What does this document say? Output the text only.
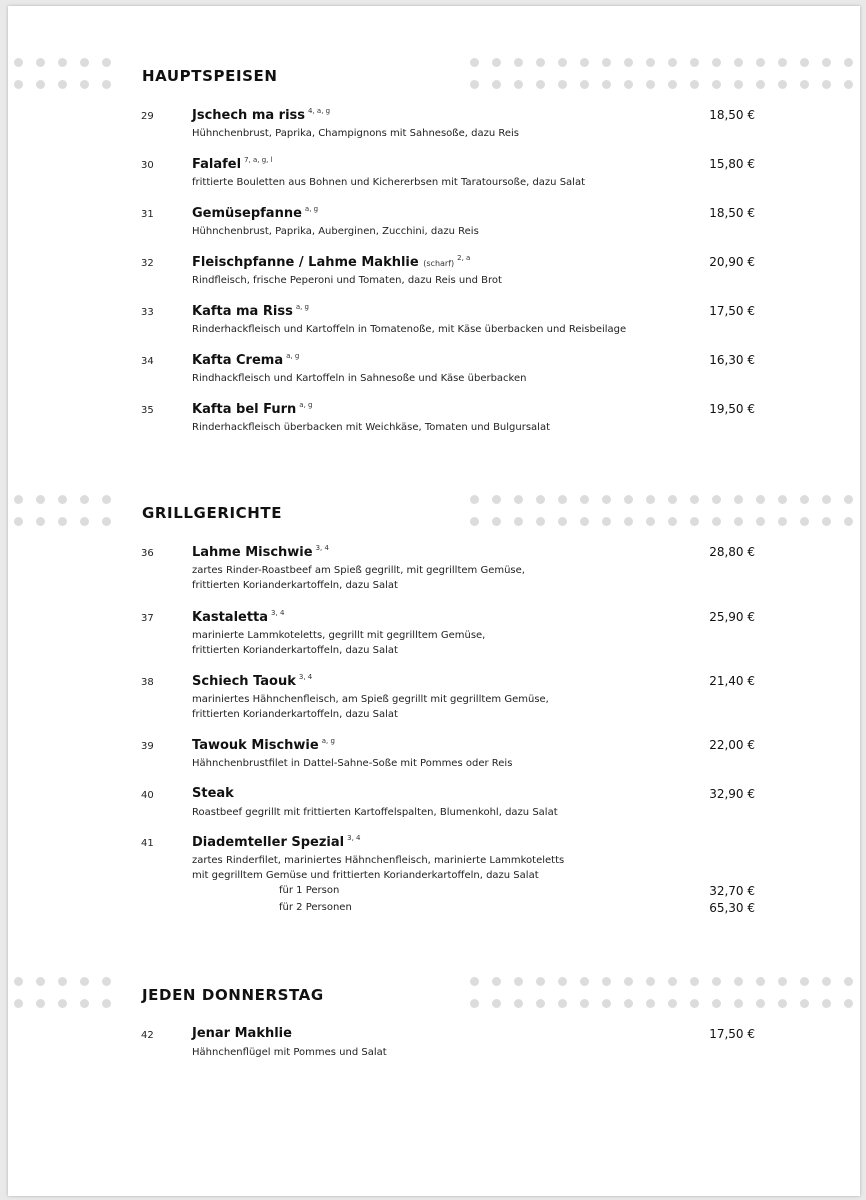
HAUPTSPEISEN
29	Jschech ma riss $^{4, a, g}$
Hühnchenbrust, Paprika, Champignons mit Sahnesoße, dazu Reis
18,50 €
30	Falafel $^{7, a, g, l}$
frittierte Bouletten aus Bohnen und Kichererbsen mit Taratoursoße, dazu Salat
15,80 €
31	Gemüsepfanne $^{a, g}$
Hühnchenbrust, Paprika, Auberginen, Zucchini, dazu Reis
18,50 €
32	Fleischpfanne / Lahme Makhlie (scharf)$^{2, a}$
Rindfleisch, frische Peperoni und Tomaten, dazu Reis und Brot
20,90 €
33	Kafta ma Riss $^{a, g}$
Rinderhackfleisch und Kartoffeln in Tomatenoße, mit Käse überbacken und Reisbeilage
17,50 €
34	Kafta Crema $^{a, g}$
Rindhackfleisch und Kartoffeln in Sahnesoße und Käse überbacken
16,30 €
35	Kafta bel Furn $^{a, g}$
Rinderhackfleisch überbacken mit Weichkäse, Tomaten und Bulgursalat
19,50 €
GRILLGERICHTE
36	Lahme Mischwie $^{3, 4}$
zartes Rinder-Roastbeef am Spieß gegrillt, mit gegrilltem Gemüse,
frittierten Korianderkartoffeln, dazu Salat
28,80 €
37	Kastaletta $^{3, 4}$
marinierte Lammkoteletts, gegrillt mit gegrilltem Gemüse,
frittierten Korianderkartoffeln, dazu Salat
25,90 €
38	Schiech Taouk $^{3, 4}$
mariniertes Hähnchenfleisch, am Spieß gegrillt mit gegrilltem Gemüse,
frittierten Korianderkartoffeln, dazu Salat
21,40 €
39	Tawouk Mischwie $^{a, g}$
Hähnchenbrustfilet in Dattel-Sahne-Soße mit Pommes oder Reis
22,00 €
40	Steak
Roastbeef gegrillt mit frittierten Kartoffelspalten, Blumenkohl, dazu Salat
32,90 €
41	Diademteller Spezial $^{3, 4}$
zartes Rinderfilet, mariniertes Hähnchenfleisch, marinierte Lammkoteletts
mit gegrilltem Gemüse und frittierten Korianderkartoffeln, dazu Salat
für 1 Person	32,70 €
für 2 Personen	65,30 €
JEDEN DONNERSTAG
42	Jenar Makhlie
Hähnchenflügel mit Pommes und Salat
17,50 €
